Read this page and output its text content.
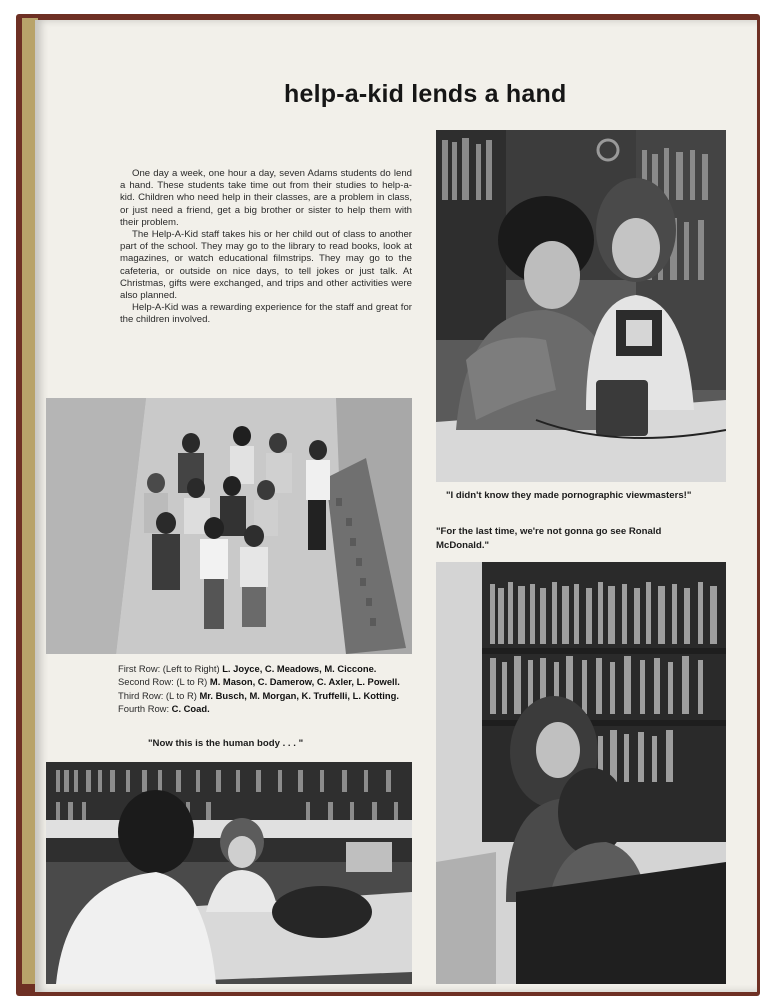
help-a-kid lends a hand

One day a week, one hour a day, seven Adams students do lend a hand. These students take time out from their studies to help-a-kid. Children who need help in their classes, are a problem in class, or just need a friend, get a big brother or sister to help them with their problem.

The Help-A-Kid staff takes his or her child out of class to another part of the school. They may go to the library to read books, look at magazines, or watch educational filmstrips. They may go to the cafeteria, or outside on nice days, to tell jokes or just talk. At Christmas, gifts were exchanged, and trips and other activities were also planned.

Help-A-Kid was a rewarding experience for the staff and great for the children involved.

"I didn't know they made pornographic viewmasters!"
"For the last time, we're not gonna go see Ronald
McDonald."
First Row: (Left to Right) L. Joyce, C. Meadows, M. Ciccone. Second Row: (L to R) M. Mason, C. Damerow, C. Axler, L. Powell. Third Row: (L to R) Mr. Busch, M. Morgan, K. Truffelli, L. Kotting. Fourth Row: C. Coad.
"Now this is the human body . . . "
